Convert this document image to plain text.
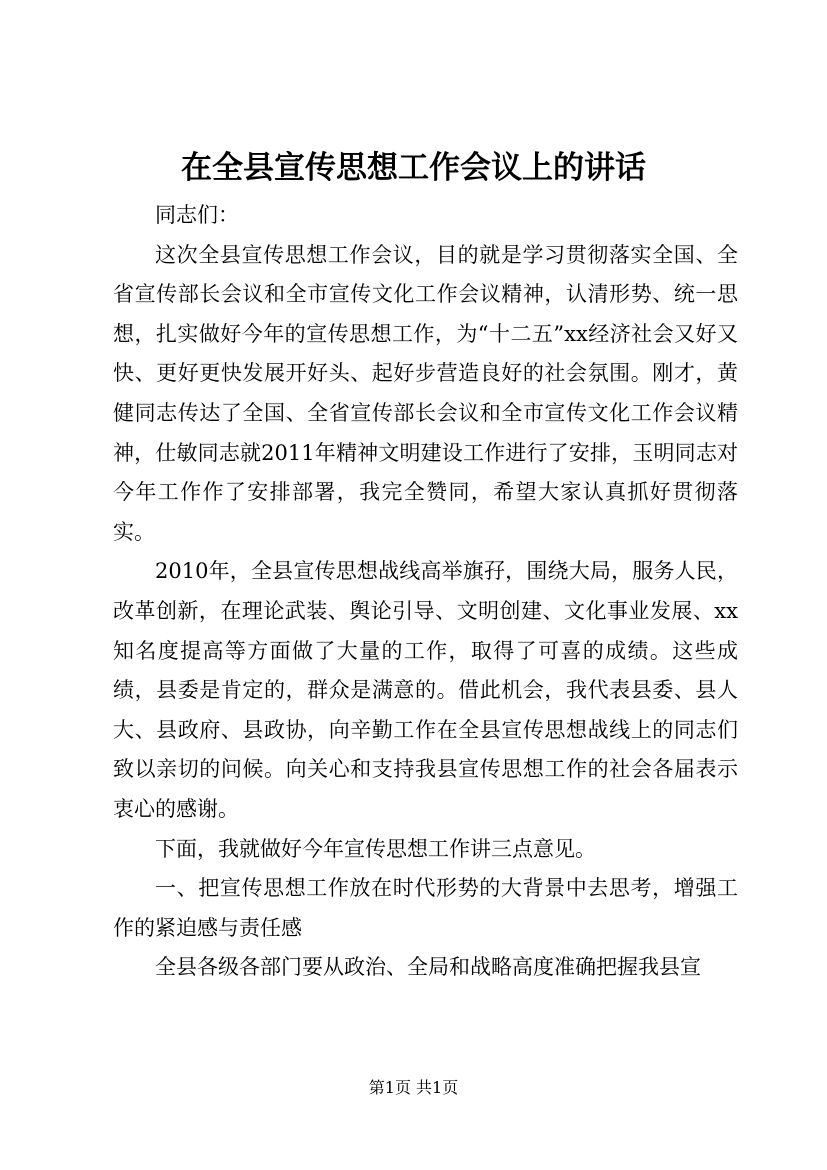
在全县宣传思想工作会议上的讲话

同志们：

这次全县宣传思想工作会议，目的就是学习贯彻落实全国、全省宣传部长会议和全市宣传文化工作会议精神，认清形势、统一思想，扎实做好今年的宣传思想工作，为“十二五”xx经济社会又好又快、更好更快发展开好头、起好步营造良好的社会氛围。刚才，黄健同志传达了全国、全省宣传部长会议和全市宣传文化工作会议精神，仕敏同志就2011年精神文明建设工作进行了安排，玉明同志对今年工作作了安排部署，我完全赞同，希望大家认真抓好贯彻落实。

2010年，全县宣传思想战线高举旗孖，围绕大局，服务人民，改革创新，在理论武装、舆论引导、文明创建、文化事业发展、xx知名度提高等方面做了大量的工作，取得了可喜的成绩。这些成绩，县委是肯定的，群众是满意的。借此机会，我代表县委、县人大、县政府、县政协，向辛勤工作在全县宣传思想战线上的同志们致以亲切的问候。向关心和支持我县宣传思想工作的社会各届表示衷心的感谢。

下面，我就做好今年宣传思想工作讲三点意见。

一、把宣传思想工作放在时代形势的大背景中去思考，增强工作的紧迫感与责任感

全县各级各部门要从政治、全局和战略高度准确把握我县宣

第1页 共1页
